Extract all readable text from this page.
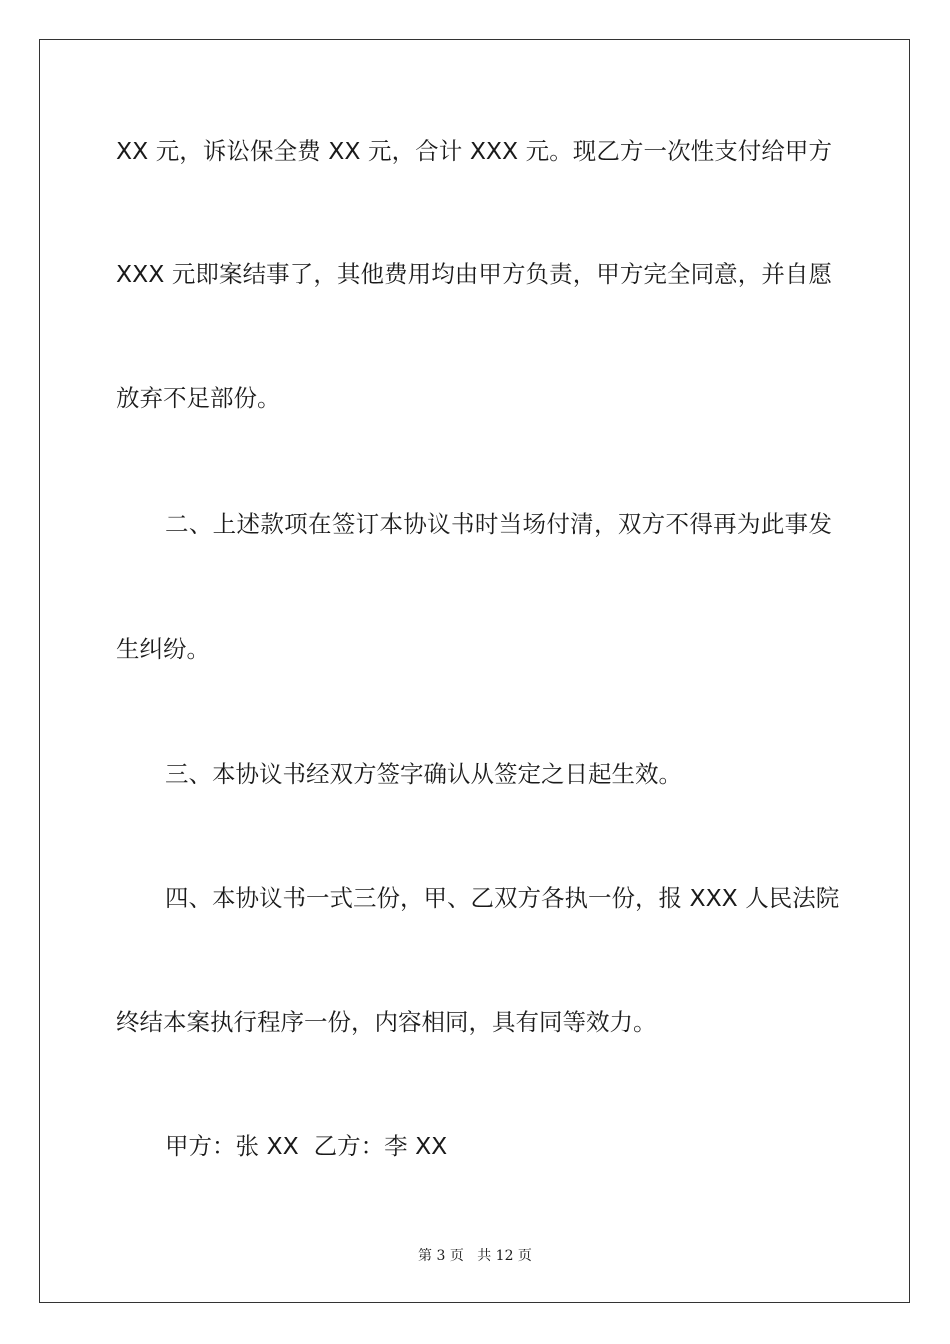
XX 元，诉讼保全费 XX 元，合计 XXX 元。现乙方一次性支付给甲方
XXX 元即案结事了，其他费用均由甲方负责，甲方完全同意，并自愿
放弃不足部份。
二、上述款项在签订本协议书时当场付清，双方不得再为此事发
生纠纷。
三、本协议书经双方签字确认从签定之日起生效。
四、本协议书一式三份，甲、乙双方各执一份，报 XXX 人民法院
终结本案执行程序一份，内容相同，具有同等效力。
甲方：张 XX  乙方：李 XX
第 3 页 共 12 页
